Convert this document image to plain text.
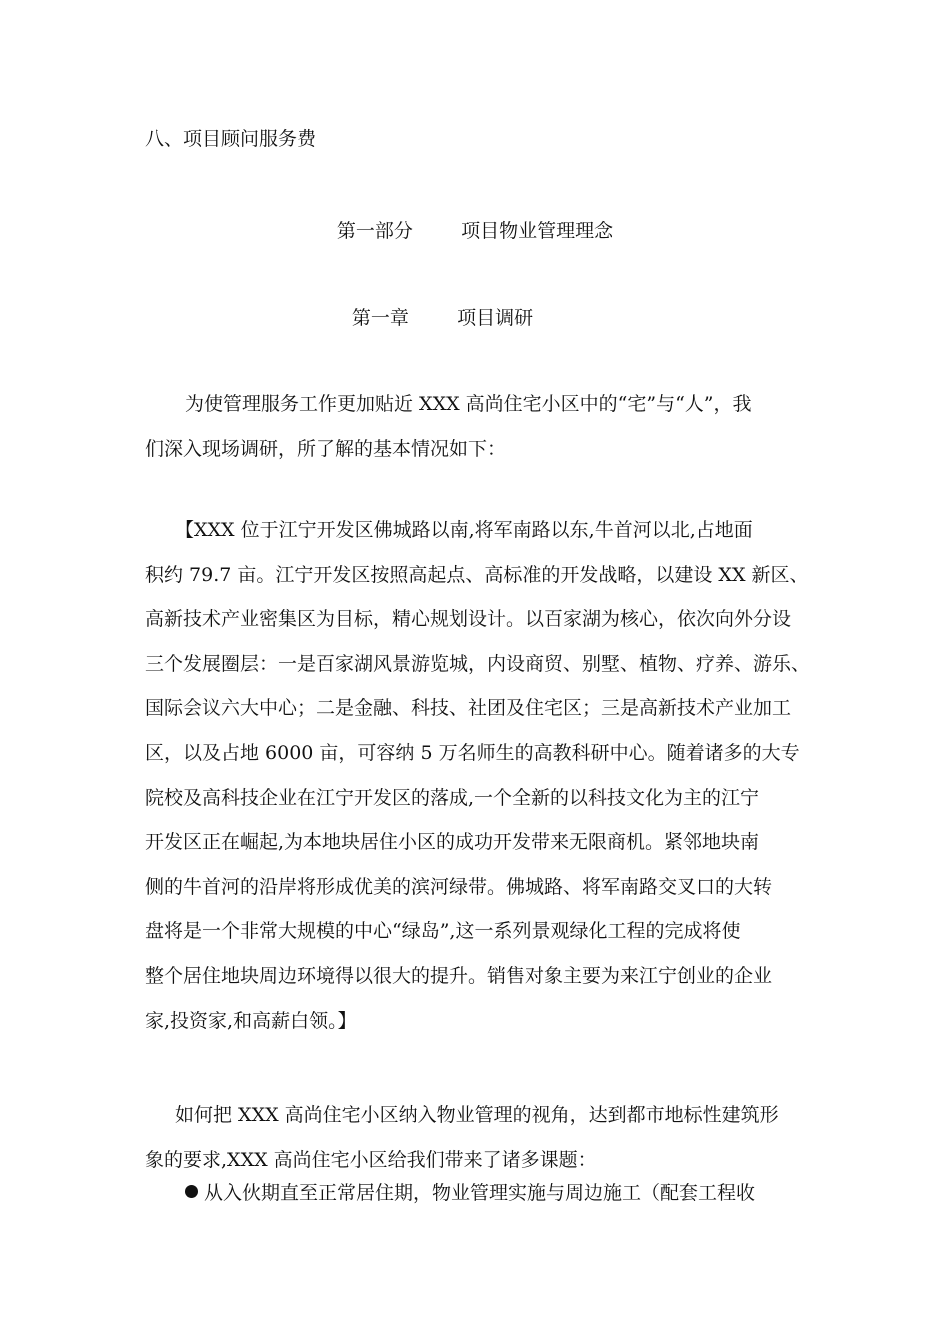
八、项目顾问服务费
第一部分        项目物业管理理念
第一章        项目调研

为使管理服务工作更加贴近 XXX 高尚住宅小区中的“宅”与“人”，我

们深入现场调研，所了解的基本情况如下：

【XXX 位于江宁开发区佛城路以南,将军南路以东,牛首河以北,占地面

积约 79.7 亩。江宁开发区按照高起点、高标准的开发战略，以建设 XX 新区、

高新技术产业密集区为目标，精心规划设计。以百家湖为核心，依次向外分设

三个发展圈层：一是百家湖风景游览城，内设商贸、别墅、植物、疗养、游乐、

国际会议六大中心；二是金融、科技、社团及住宅区；三是高新技术产业加工

区，以及占地 6000 亩，可容纳 5 万名师生的高教科研中心。随着诸多的大专

院校及高科技企业在江宁开发区的落成,一个全新的以科技文化为主的江宁

开发区正在崛起,为本地块居住小区的成功开发带来无限商机。紧邻地块南

侧的牛首河的沿岸将形成优美的滨河绿带。佛城路、将军南路交叉口的大转

盘将是一个非常大规模的中心“绿岛”,这一系列景观绿化工程的完成将使

整个居住地块周边环境得以很大的提升。销售对象主要为来江宁创业的企业

家,投资家,和高薪白领。】

如何把 XXX 高尚住宅小区纳入物业管理的视角，达到都市地标性建筑形

象的要求,XXX 高尚住宅小区给我们带来了诸多课题：

从入伙期直至正常居住期，物业管理实施与周边施工（配套工程收
